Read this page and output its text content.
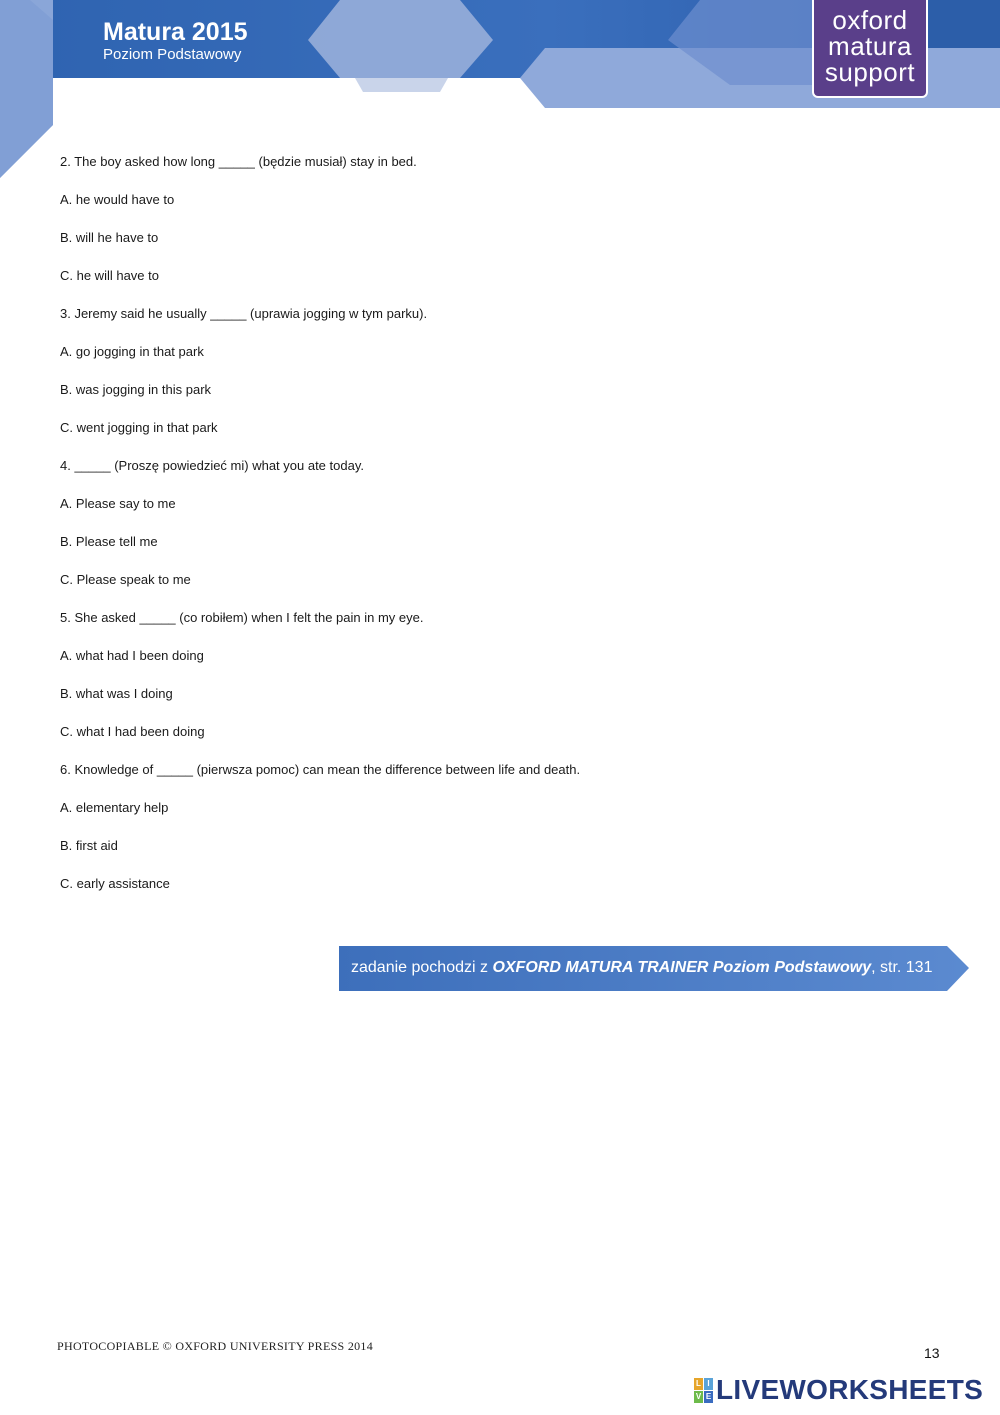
Matura 2015
Poziom Podstawowy
oxford
matura
support

2. The boy asked how long _____ (będzie musiał) stay in bed.

A. he would have to

B. will he have to

C. he will have to

3. Jeremy said he usually _____ (uprawia jogging w tym parku).

A. go jogging in that park

B. was jogging in this park

C. went jogging in that park

4. _____ (Proszę powiedzieć mi) what you ate today.

A. Please say to me

B. Please tell me

C. Please speak to me

5. She asked _____ (co robiłem) when I felt the pain in my eye.

A. what had I been doing

B. what was I doing

C. what I had been doing

6. Knowledge of _____ (pierwsza pomoc) can mean the difference between life and death.

A. elementary help

B. first aid

C. early assistance

zadanie pochodzi z OXFORD MATURA TRAINER Poziom Podstawowy, str. 131
PHOTOCOPIABLE © OXFORD UNIVERSITY PRESS 2014	13
L I
V E LIVEWORKSHEETS
